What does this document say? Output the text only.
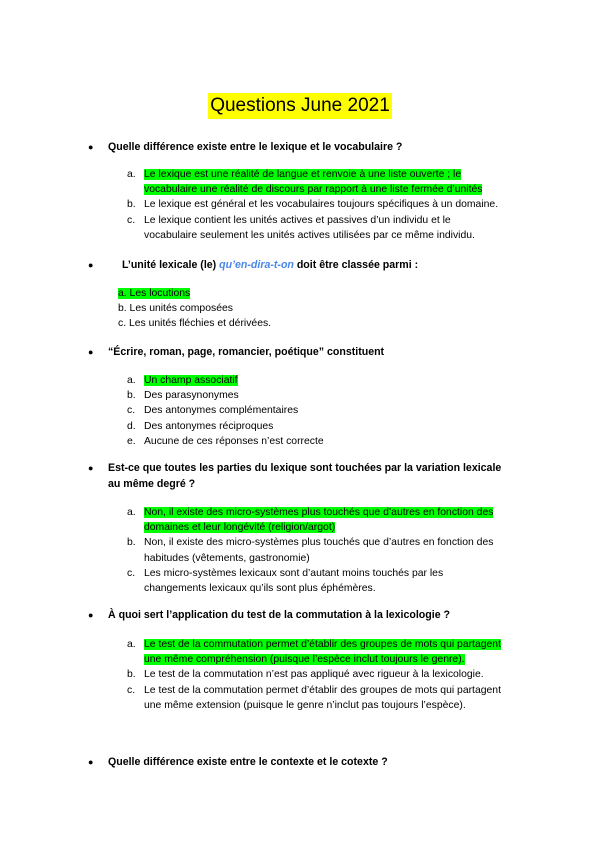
Questions June 2021
●	Quelle différence existe entre le lexique et le vocabulaire ?
a. Le lexique est une réalité de langue et renvoie à une liste ouverte ; le
vocabulaire une réalité de discours par rapport à une liste fermée d’unités
b. Le lexique est général et les vocabulaires toujours spécifiques à un domaine.
c. Le lexique contient les unités actives et passives d’un individu et le
vocabulaire seulement les unités actives utilisées par ce même individu.
●	L’unité lexicale (le) qu’en-dira-t-on doit être classée parmi :
a. Les locutions
b. Les unités composées
c. Les unités fléchies et dérivées.
●	“Écrire, roman, page, romancier, poétique” constituent
a. Un champ associatif
b. Des parasynonymes
c. Des antonymes complémentaires
d. Des antonymes réciproques
e. Aucune de ces réponses n’est correcte
●	Est-ce que toutes les parties du lexique sont touchées par la variation lexicale
au même degré ?
a. Non, il existe des micro-systèmes plus touchés que d’autres en fonction des
domaines et leur longévité (religion/argot)
b. Non, il existe des micro-systèmes plus touchés que d’autres en fonction des
habitudes (vêtements, gastronomie)
c. Les micro-systèmes lexicaux sont d’autant moins touchés par les
changements lexicaux qu’ils sont plus éphémères.
●	À quoi sert l’application du test de la commutation à la lexicologie ?
a. Le test de la commutation permet d’établir des groupes de mots qui partagent
une même compréhension (puisque l’espèce inclut toujours le genre).
b. Le test de la commutation n’est pas appliqué avec rigueur à la lexicologie.
c. Le test de la commutation permet d’établir des groupes de mots qui partagent
une même extension (puisque le genre n’inclut pas toujours l’espèce).
●	Quelle différence existe entre le contexte et le cotexte ?
